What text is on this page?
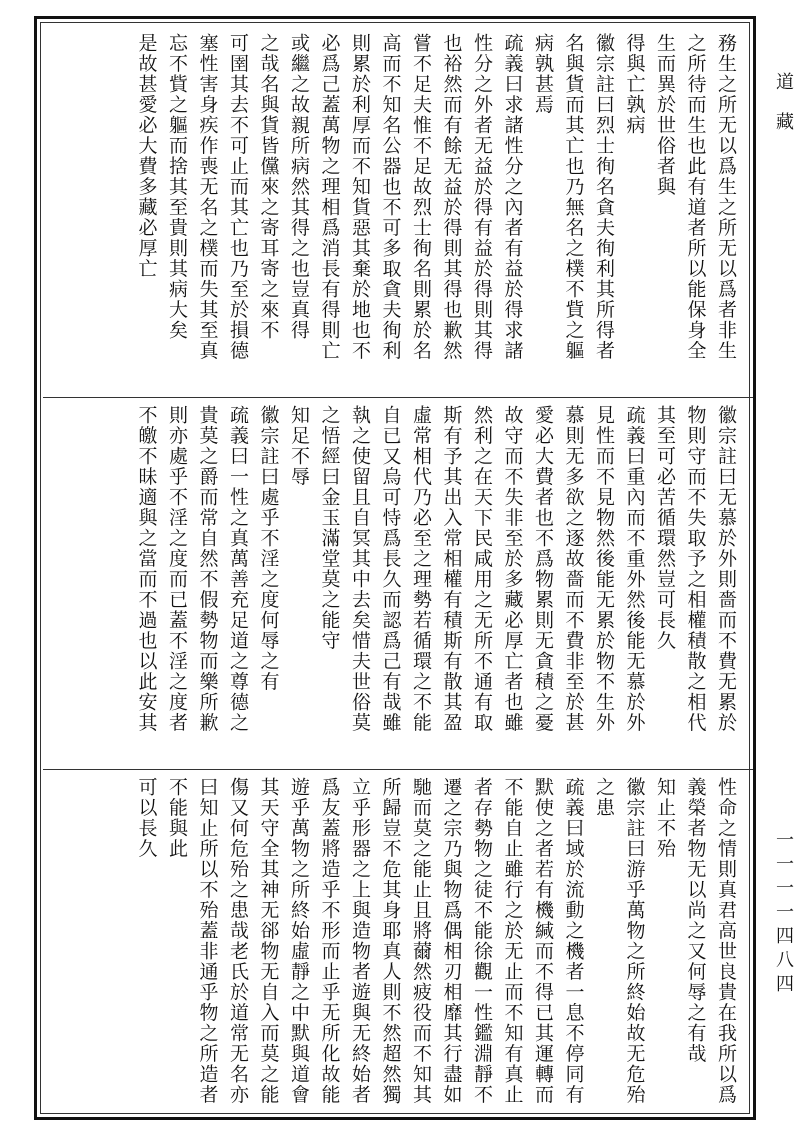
道藏
一一一一四八四
務生之所无以爲生之所无以爲者非生
之所待而生也此有道者所以能保身全
生而異於世俗者與
得與亡孰病
徽宗註曰烈士徇名貪夫徇利其所得者
名與貨而其亡也乃無名之樸不貲之軀
病孰甚焉
疏義曰求諸性分之內者有益於得求諸
性分之外者无益於得有益於得則其得
也裕然而有餘无益於得則其得也歉然
嘗不足夫惟不足故烈士徇名則累於名
高而不知名公器也不可多取貪夫徇利
則累於利厚而不知貨惡其棄於地也不
必爲己蓋萬物之理相爲消長有得則亡
或繼之故親所病然其得之也豈真得
之哉名與貨皆儻來之寄耳寄之來不
可圉其去不可止而其亡也乃至於損德
塞性害身疾作喪无名之樸而失其至真
忘不貲之軀而捨其至貴則其病大矣
是故甚愛必大費多藏必厚亡
徽宗註曰无慕於外則嗇而不費无累於
物則守而不失取予之相權積散之相代
其至可必苦循環然豈可長久
疏義曰重內而不重外然後能无慕於外
見性而不見物然後能无累於物不生外
慕則无多欲之逐故嗇而不費非至於甚
愛必大費者也不爲物累則无貪積之憂
故守而不失非至於多藏必厚亡者也雖
然利之在天下民咸用之无所不通有取
斯有予其出入常相權有積斯有散其盈
虛常相代乃必至之理勢若循環之不能
自已又烏可恃爲長久而認爲己有哉雖
執之使留且自冥其中去矣惜夫世俗莫
之悟經曰金玉滿堂莫之能守
知足不辱
徽宗註曰處乎不淫之度何辱之有
疏義曰一性之真萬善充足道之尊德之
貴莫之爵而常自然不假勢物而樂所歉
則亦處乎不淫之度而已蓋不淫之度者
不皦不昧適與之當而不過也以此安其
性命之情則真君高世良貴在我所以爲
義榮者物无以尚之又何辱之有哉
知止不殆
徽宗註曰游乎萬物之所終始故无危殆
之患
疏義曰域於流動之機者一息不停同有
默使之者若有機緘而不得已其運轉而
不能自止雖行之於无止而不知有真止
者存勢物之徒不能徐觀一性鑑淵靜不
遷之宗乃與物爲偶相刃相靡其行盡如
馳而莫之能止且將薾然疲役而不知其
所歸豈不危其身耶真人則不然超然獨
立乎形器之上與造物者遊與无終始者
爲友蓋將造乎不形而止乎无所化故能
遊乎萬物之所終始虛靜之中默與道會
其天守全其神无郤物无自入而莫之能
傷又何危殆之患哉老氏於道常无名亦
曰知止所以不殆蓋非通乎物之所造者
不能與此
可以長久
